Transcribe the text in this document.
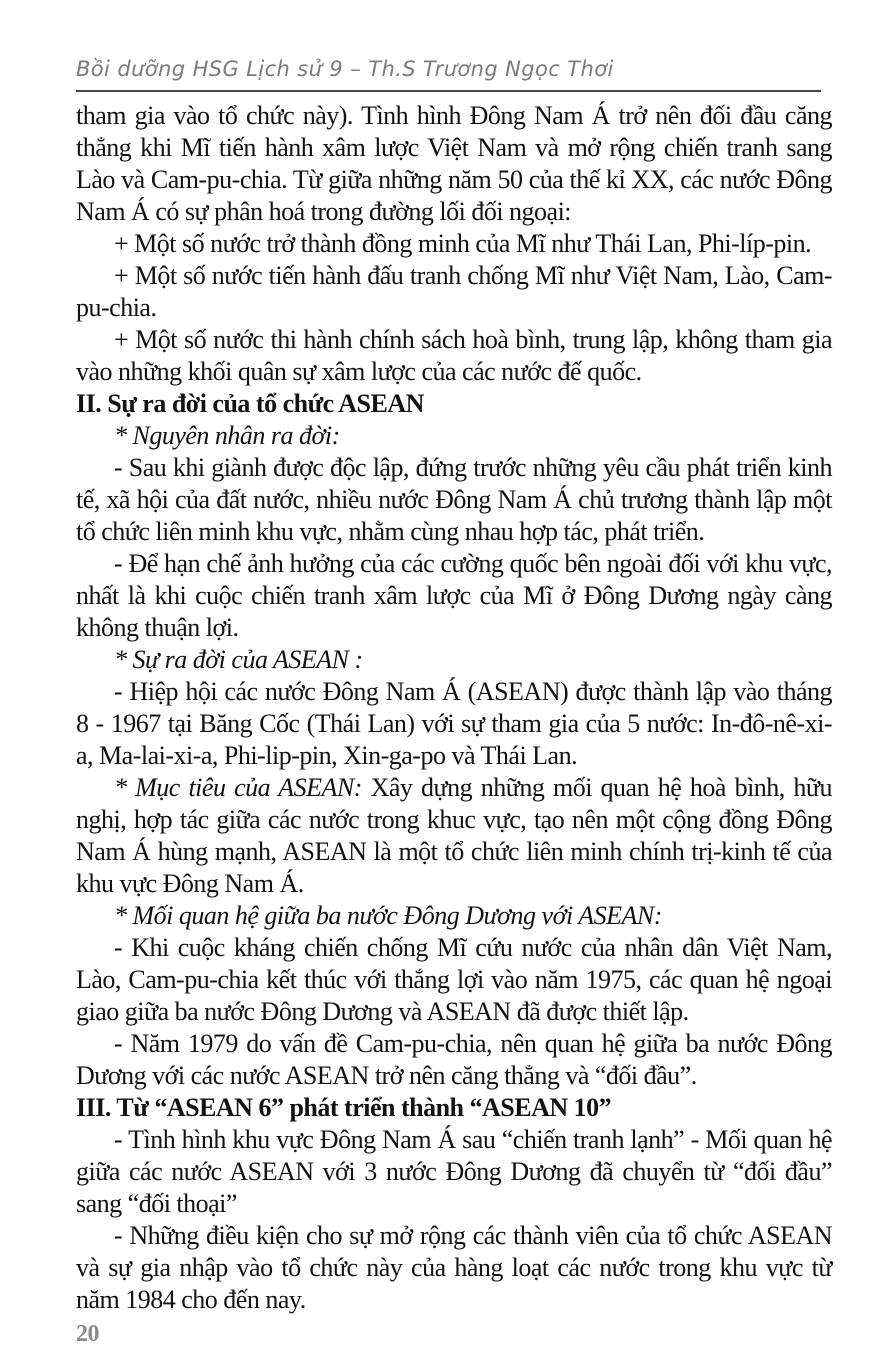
Bồi dưỡng HSG Lịch sử 9 – Th.S Trương Ngọc Thơi

tham gia vào tổ chức này). Tình hình Đông Nam Á trở nên đối đầu căng thẳng khi Mĩ tiến hành xâm lược Việt Nam và mở rộng chiến tranh sang Lào và Cam-pu-chia. Từ giữa những năm 50 của thế kỉ XX, các nước Đông Nam Á có sự phân hoá trong đường lối đối ngoại:

+ Một số nước trở thành đồng minh của Mĩ như Thái Lan, Phi-líp-pin.

+ Một số nước tiến hành đấu tranh chống Mĩ như Việt Nam, Lào, Cam-pu-chia.

+ Một số nước thi hành chính sách hoà bình, trung lập, không tham gia vào những khối quân sự xâm lược của các nước đế quốc.

II. Sự ra đời của tổ chức ASEAN

* Nguyên nhân ra đời:

- Sau khi giành được độc lập, đứng trước những yêu cầu phát triển kinh tế, xã hội của đất nước, nhiều nước Đông Nam Á chủ trương thành lập một tổ chức liên minh khu vực, nhằm cùng nhau hợp tác, phát triển.

- Để hạn chế ảnh hưởng của các cường quốc bên ngoài đối với khu vực, nhất là khi cuộc chiến tranh xâm lược của Mĩ ở Đông Dương ngày càng không thuận lợi.

* Sự ra đời của ASEAN :

- Hiệp hội các nước Đông Nam Á (ASEAN) được thành lập vào tháng 8 - 1967 tại Băng Cốc (Thái Lan) với sự tham gia của 5 nước: In-đô-nê-xi-a, Ma-lai-xi-a, Phi-lip-pin, Xin-ga-po và Thái Lan.

* Mục tiêu của ASEAN: Xây dựng những mối quan hệ hoà bình, hữu nghị, hợp tác giữa các nước trong khuc vực, tạo nên một cộng đồng Đông Nam Á hùng mạnh, ASEAN là một tổ chức liên minh chính trị-kinh tế của khu vực Đông Nam Á.

* Mối quan hệ giữa ba nước Đông Dương với ASEAN:

- Khi cuộc kháng chiến chống Mĩ cứu nước của nhân dân Việt Nam, Lào, Cam-pu-chia kết thúc với thắng lợi vào năm 1975, các quan hệ ngoại giao giữa ba nước Đông Dương và ASEAN đã được thiết lập.

- Năm 1979 do vấn đề Cam-pu-chia, nên quan hệ giữa ba nước Đông Dương với các nước ASEAN trở nên căng thẳng và “đối đầu”.

III. Từ “ASEAN 6” phát triển thành “ASEAN 10”

- Tình hình khu vực Đông Nam Á sau “chiến tranh lạnh” - Mối quan hệ giữa các nước ASEAN với 3 nước Đông Dương đã chuyển từ “đối đầu” sang “đối thoại”

- Những điều kiện cho sự mở rộng các thành viên của tổ chức ASEAN và sự gia nhập vào tổ chức này của hàng loạt các nước trong khu vực từ năm 1984 cho đến nay.

20
